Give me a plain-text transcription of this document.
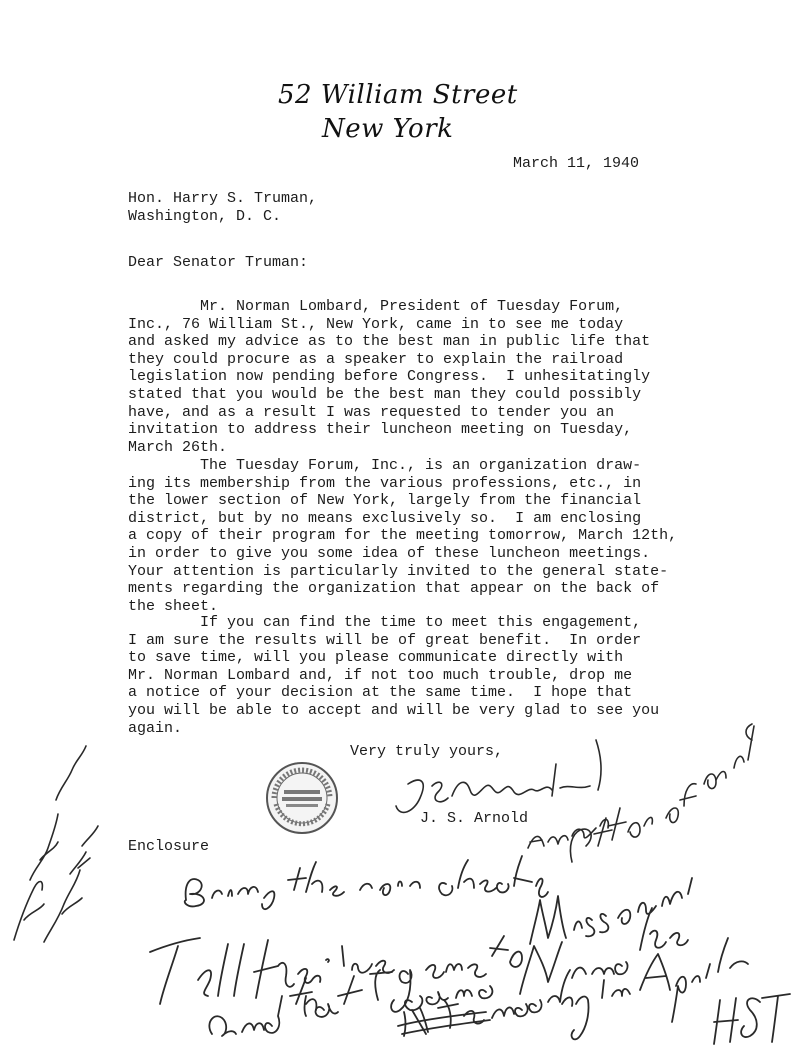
52 William Street
New York
March 11, 1940
Hon. Harry S. Truman,
Washington, D. C.
Dear Senator Truman:
Mr. Norman Lombard, President of Tuesday Forum,
Inc., 76 William St., New York, came in to see me today
and asked my advice as to the best man in public life that
they could procure as a speaker to explain the railroad
legislation now pending before Congress.  I unhesitatingly
stated that you would be the best man they could possibly
have, and as a result I was requested to tender you an
invitation to address their luncheon meeting on Tuesday,
March 26th.
The Tuesday Forum, Inc., is an organization draw-
ing its membership from the various professions, etc., in
the lower section of New York, largely from the financial
district, but by no means exclusively so.  I am enclosing
a copy of their program for the meeting tomorrow, March 12th,
in order to give you some idea of these luncheon meetings.
Your attention is particularly invited to the general state-
ments regarding the organization that appear on the back of
the sheet.
If you can find the time to meet this engagement,
I am sure the results will be of great benefit.  In order
to save time, will you please communicate directly with
Mr. Norman Lombard and, if not too much trouble, drop me
a notice of your decision at the same time.  I hope that
you will be able to accept and will be very glad to see you
again.
Very truly yours,
J. S. Arnold
Enclosure
